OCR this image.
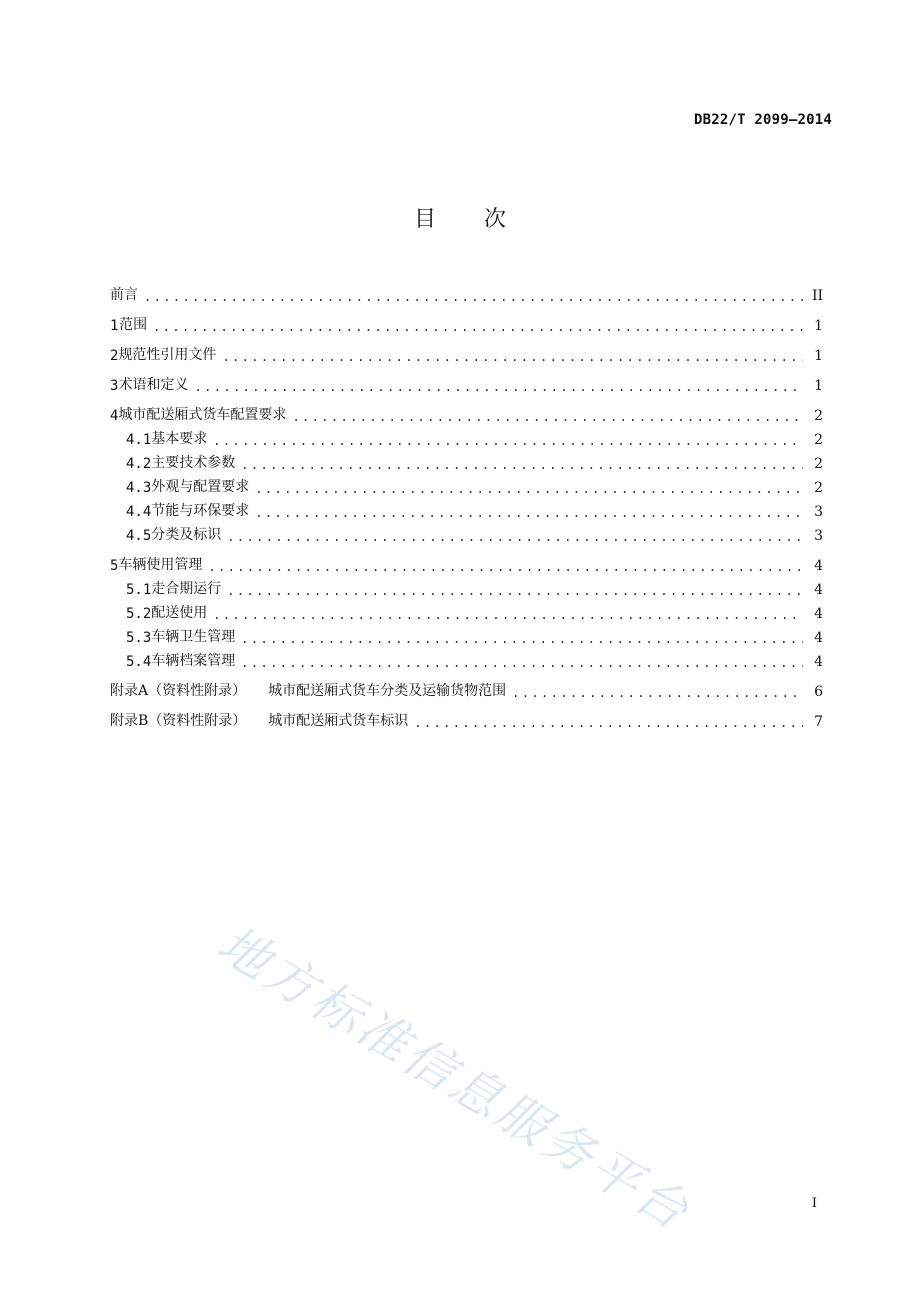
DB22/T 2099—2014
目次
前言 .....	II
1 范围 .....	1
2 规范性引用文件 .....	1
3 术语和定义 .....	1
4 城市配送厢式货车配置要求 .....	2
4.1 基本要求 .....	2
4.2 主要技术参数 .....	2
4.3 外观与配置要求 .....	2
4.4 节能与环保要求 .....	3
4.5 分类及标识 .....	3
5 车辆使用管理 .....	4
5.1 走合期运行 .....	4
5.2 配送使用 .....	4
5.3 车辆卫生管理 .....	4
5.4 车辆档案管理 .....	4
附录A（资料性附录） 城市配送厢式货车分类及运输货物范围 .....	6
附录B（资料性附录） 城市配送厢式货车标识 .....	7
地方标准信息服务平台	I
